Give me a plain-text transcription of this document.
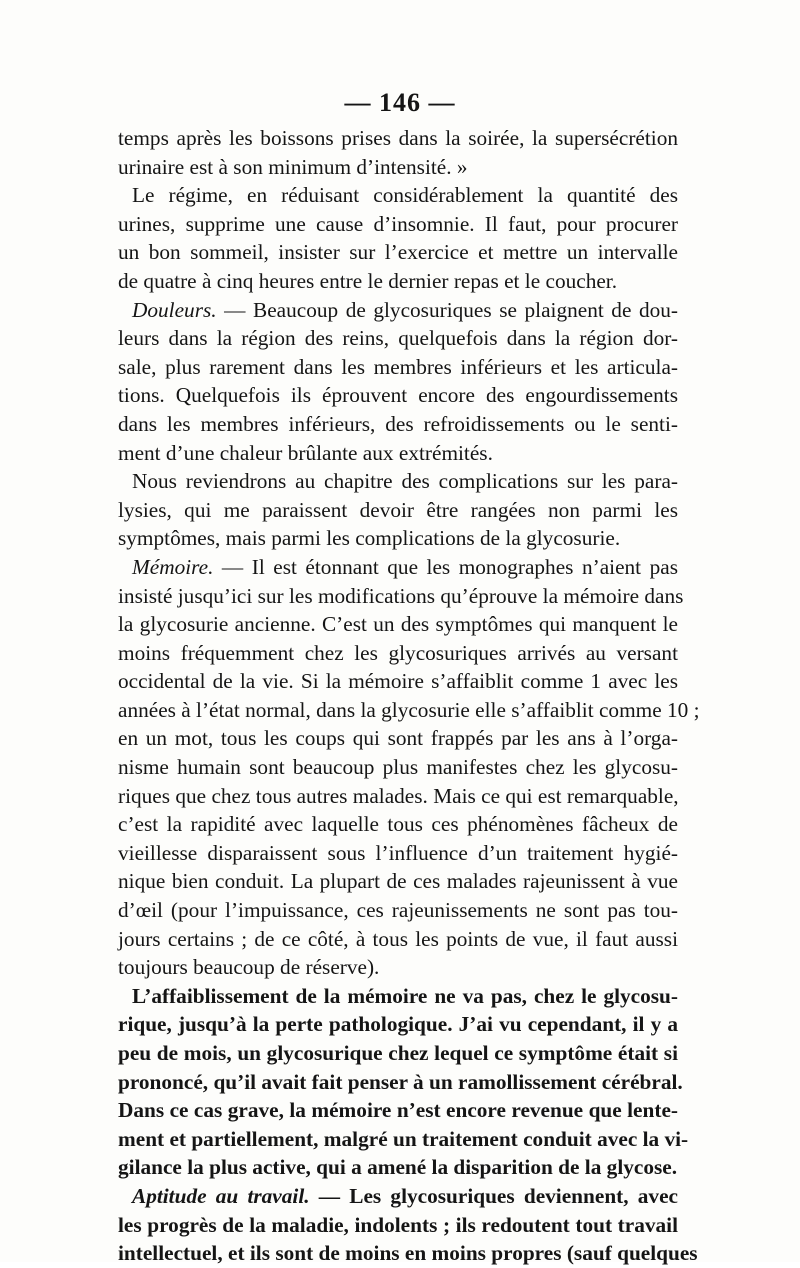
— 146 —
temps après les boissons prises dans la soirée, la supersécrétion
urinaire est à son minimum d’intensité. »
Le régime, en réduisant considérablement la quantité des
urines, supprime une cause d’insomnie. Il faut, pour procurer
un bon sommeil, insister sur l’exercice et mettre un intervalle
de quatre à cinq heures entre le dernier repas et le coucher.
Douleurs. — Beaucoup de glycosuriques se plaignent de dou-
leurs dans la région des reins, quelquefois dans la région dor-
sale, plus rarement dans les membres inférieurs et les articula-
tions. Quelquefois ils éprouvent encore des engourdissements
dans les membres inférieurs, des refroidissements ou le senti-
ment d’une chaleur brûlante aux extrémités.
Nous reviendrons au chapitre des complications sur les para-
lysies, qui me paraissent devoir être rangées non parmi les
symptômes, mais parmi les complications de la glycosurie.
Mémoire. — Il est étonnant que les monographes n’aient pas
insisté jusqu’ici sur les modifications qu’éprouve la mémoire dans
la glycosurie ancienne. C’est un des symptômes qui manquent le
moins fréquemment chez les glycosuriques arrivés au versant
occidental de la vie. Si la mémoire s’affaiblit comme 1 avec les
années à l’état normal, dans la glycosurie elle s’affaiblit comme 10 ;
en un mot, tous les coups qui sont frappés par les ans à l’orga-
nisme humain sont beaucoup plus manifestes chez les glycosu-
riques que chez tous autres malades. Mais ce qui est remarquable,
c’est la rapidité avec laquelle tous ces phénomènes fâcheux de
vieillesse disparaissent sous l’influence d’un traitement hygié-
nique bien conduit. La plupart de ces malades rajeunissent à vue
d’œil (pour l’impuissance, ces rajeunissements ne sont pas tou-
jours certains ; de ce côté, à tous les points de vue, il faut aussi
toujours beaucoup de réserve).
L’affaiblissement de la mémoire ne va pas, chez le glycosu-
rique, jusqu’à la perte pathologique. J’ai vu cependant, il y a
peu de mois, un glycosurique chez lequel ce symptôme était si
prononcé, qu’il avait fait penser à un ramollissement cérébral.
Dans ce cas grave, la mémoire n’est encore revenue que lente-
ment et partiellement, malgré un traitement conduit avec la vi-
gilance la plus active, qui a amené la disparition de la glycose.
Aptitude au travail. — Les glycosuriques deviennent, avec
les progrès de la maladie, indolents ; ils redoutent tout travail
intellectuel, et ils sont de moins en moins propres (sauf quelques
